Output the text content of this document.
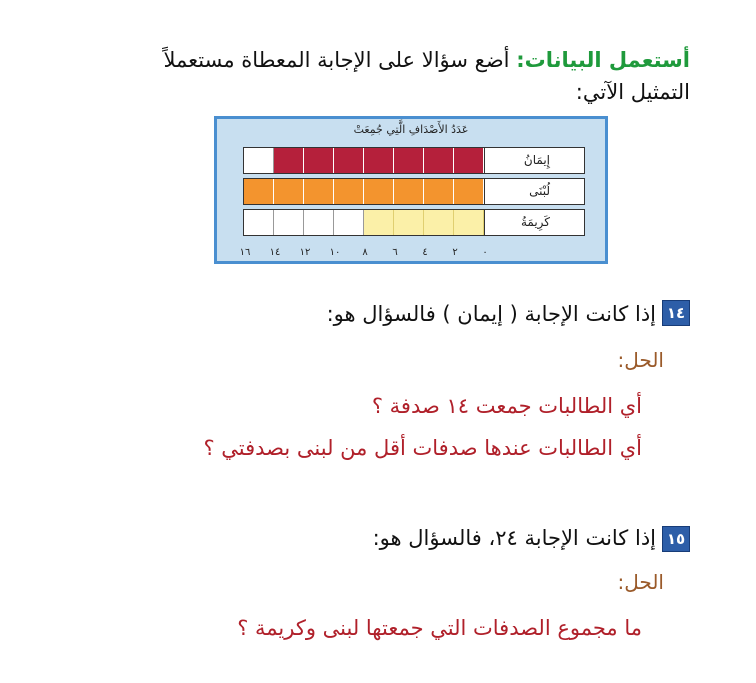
أستعمل البيانات: أضع سؤالا على الإجابة المعطاة مستعملاً
التمثيل الآتي:
عَدَدُ الأَصْدَافِ الَّتِي جُمِعَتْ
إِيمَانُ
لُبْنَى
كَرِيمَةُ
١٦ ١٤ ١٢ ١٠ ٨ ٦ ٤ ٢ ٠
١٤
إذا كانت الإجابة ( إيمان ) فالسؤال هو:
الحل:
أي الطالبات جمعت ١٤ صدفة ؟
أي الطالبات عندها صدفات أقل من لبنى بصدفتي ؟
١٥
إذا كانت الإجابة ٢٤، فالسؤال هو:
الحل:
ما مجموع الصدفات التي جمعتها لبنى وكريمة ؟
